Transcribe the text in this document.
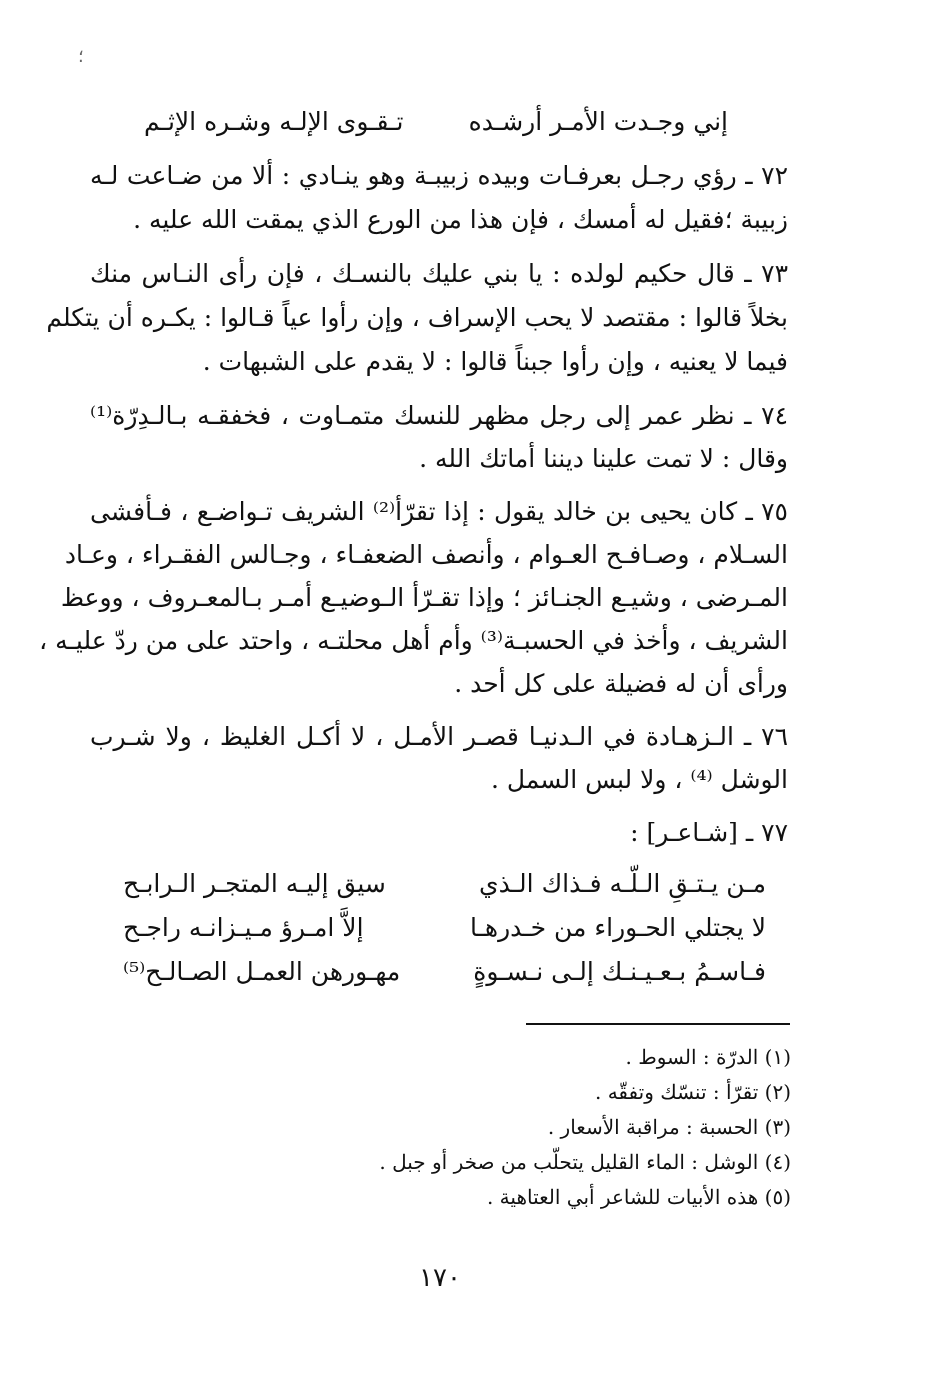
؛
إني وجـدت الأمـر أرشـده
تـقـوى الإلـه وشـره الإثـم
٧٢ ـ رؤي رجـل بعرفـات وبيده زبيبـة وهو ينـادي : ألا من ضـاعت لـه
زبيبة ؛فقيل له أمسك ، فإن هذا من الورع الذي يمقت الله عليه .
٧٣ ـ قال حكيم لولده : يا بني عليك بالنسـك ، فإن رأى النـاس منك
بخلاً قالوا : مقتصد لا يحب الإسراف ، وإن رأوا عياً قـالوا : يكـره أن يتكلم
فيما لا يعنيه ، وإن رأوا جبناً قالوا : لا يقدم على الشبهات .
٧٤ ـ نظر عمر إلى رجل مظهر للنسك متمـاوت ، فخفقـه بـالـدِرّة⁽¹⁾
وقال : لا تمت علينا ديننا أماتك الله .
٧٥ ـ كان يحيى بن خالد يقول : إذا تقرّأ⁽²⁾ الشريف تـواضـع ، فـأفشى
السـلام ، وصـافـح العـوام ، وأنصف الضعفـاء ، وجـالس الفقـراء ، وعـاد
المـرضى ، وشيـع الجنـائز ؛ وإذا تقـرّأ الـوضيـع أمـر بـالمعـروف ، ووعظ
الشريف ، وأخذ في الحسبـة⁽³⁾ وأم أهل محلتـه ، واحتد على من ردّ عليـه ،
ورأى أن له فضيلة على كل أحد .
٧٦ ـ الـزهـادة في الـدنيـا قصـر الأمـل ، لا أكـل الغليظ ، ولا شـرب
الوشل ⁽⁴⁾ ، ولا لبس السمل .
٧٧ ـ [شـاعـر] :
مـن يـتـقِ الـلّـه فـذاك الـذي
سيق إليـه المتجـر الـرابـح
لا يجتلي الحـوراء من خـدرهـا
إلاَّ امـرؤ مـيـزانـه راجـح
فـاسـمُ بـعـيـنـك إلـى نـسـوةٍ
مهـورهن العمـل الصـالـح⁽⁵⁾
(١) الدرّة : السوط .
(٢) تقرّأ : تنسّك وتفقّه .
(٣) الحسبة : مراقبة الأسعار .
(٤) الوشل : الماء القليل يتحلّب من صخر أو جبل .
(٥) هذه الأبيات للشاعر أبي العتاهية .
١٧٠
